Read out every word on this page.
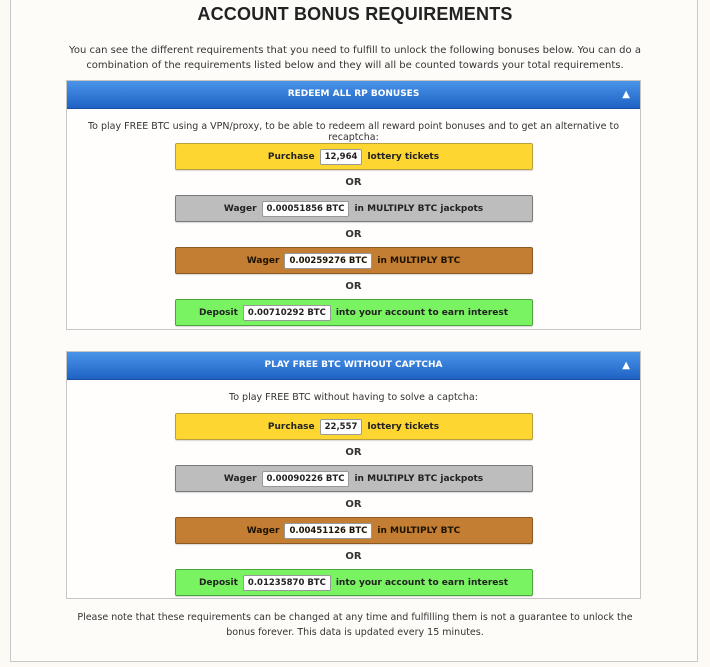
ACCOUNT BONUS REQUIREMENTS
You can see the different requirements that you need to fulfill to unlock the following bonuses below. You can do a combination of the requirements listed below and they will all be counted towards your total requirements.
REDEEM ALL RP BONUSES	▲
To play FREE BTC using a VPN/proxy, to be able to redeem all reward point bonuses and to get an alternative to recaptcha:
Purchase	12,964	lottery tickets
OR
Wager	0.00051856 BTC	in MULTIPLY BTC jackpots
OR
Wager	0.00259276 BTC	in MULTIPLY BTC
OR
Deposit	0.00710292 BTC	into your account to earn interest
PLAY FREE BTC WITHOUT CAPTCHA	▲
To play FREE BTC without having to solve a captcha:
Purchase	22,557	lottery tickets
OR
Wager	0.00090226 BTC	in MULTIPLY BTC jackpots
OR
Wager	0.00451126 BTC	in MULTIPLY BTC
OR
Deposit	0.01235870 BTC	into your account to earn interest
Please note that these requirements can be changed at any time and fulfilling them is not a guarantee to unlock the bonus forever. This data is updated every 15 minutes.
